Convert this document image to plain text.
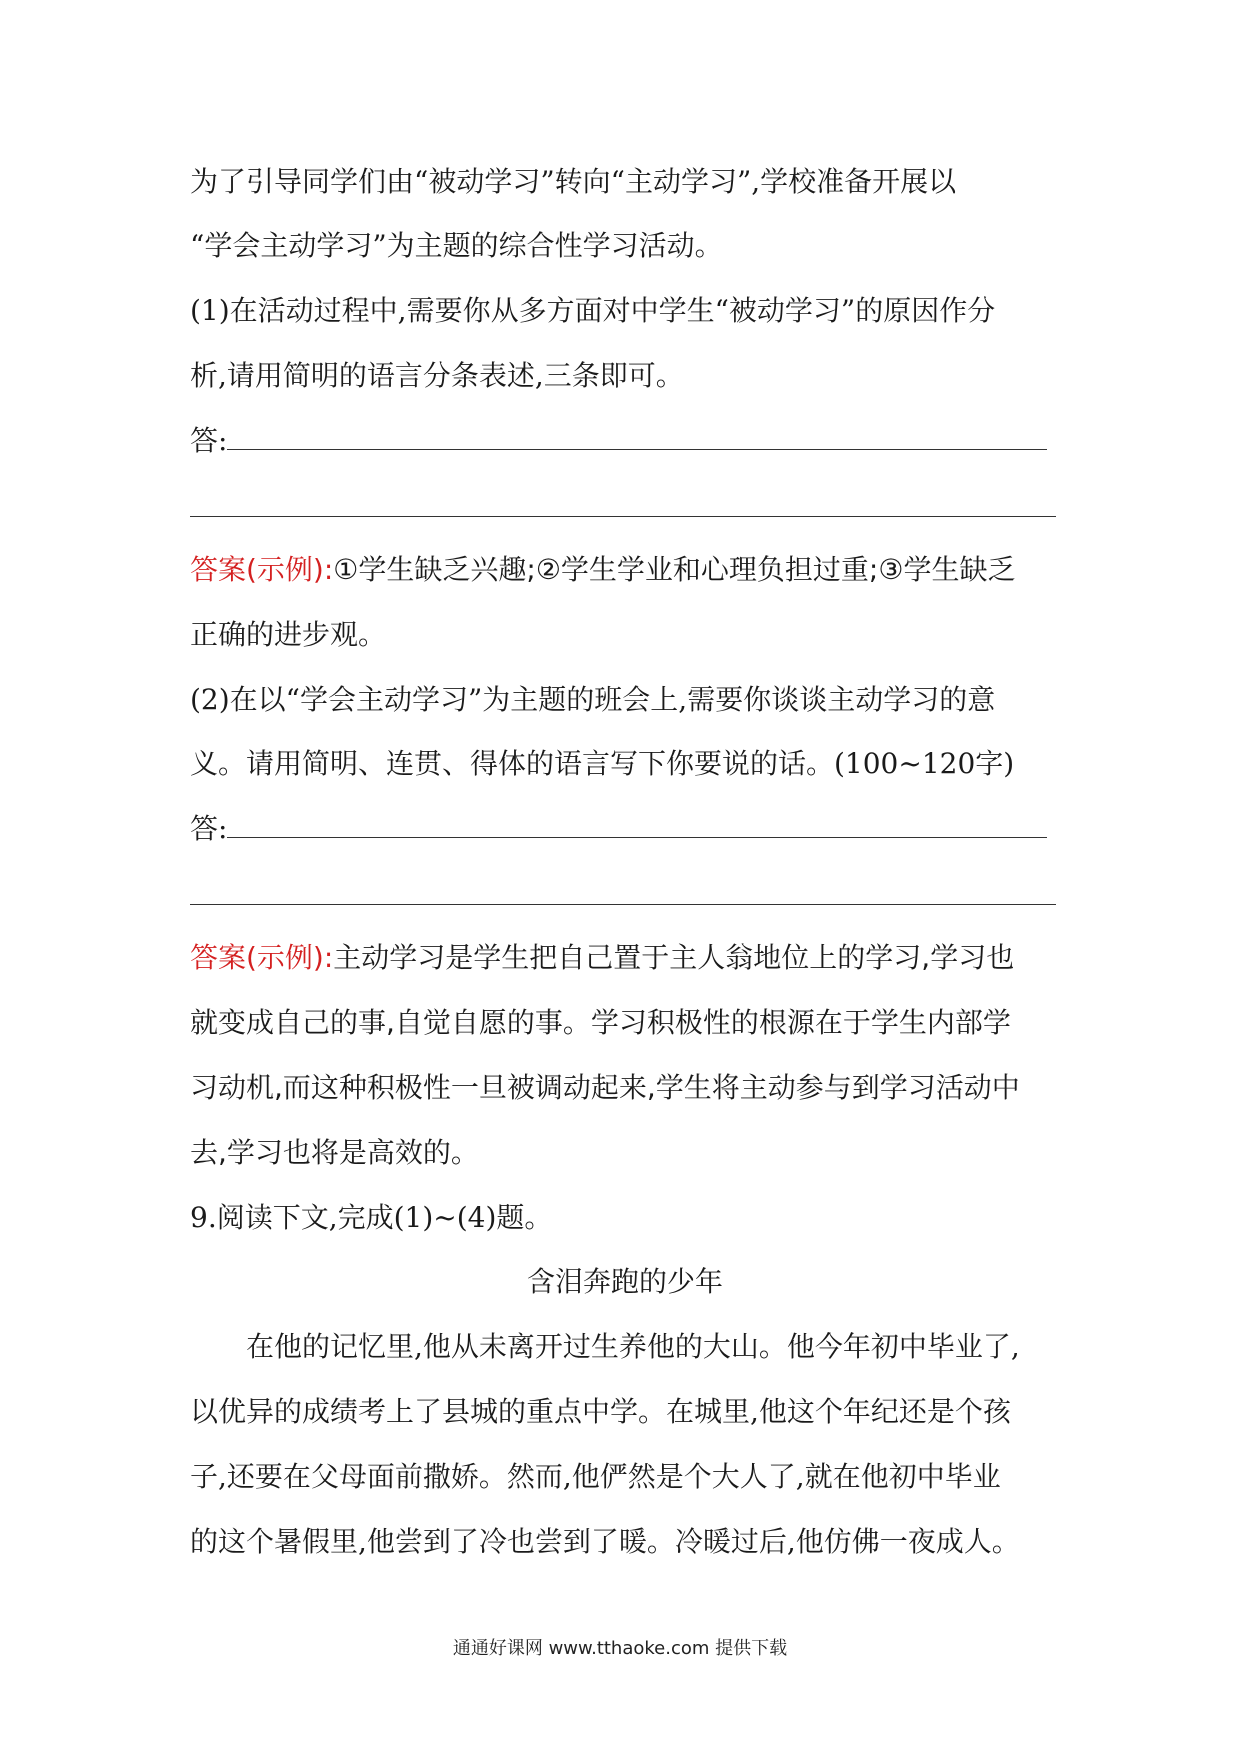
为了引导同学们由“被动学习”转向“主动学习”,学校准备开展以
“学会主动学习”为主题的综合性学习活动。
(1)在活动过程中,需要你从多方面对中学生“被动学习”的原因作分
析,请用简明的语言分条表述,三条即可。
答:
答案(示例):①学生缺乏兴趣;②学生学业和心理负担过重;③学生缺乏
正确的进步观。
(2)在以“学会主动学习”为主题的班会上,需要你谈谈主动学习的意
义。请用简明、连贯、得体的语言写下你要说的话。(100~120字)
答:
答案(示例):主动学习是学生把自己置于主人翁地位上的学习,学习也
就变成自己的事,自觉自愿的事。学习积极性的根源在于学生内部学
习动机,而这种积极性一旦被调动起来,学生将主动参与到学习活动中
去,学习也将是高效的。
9.阅读下文,完成(1)~(4)题。
含泪奔跑的少年
在他的记忆里,他从未离开过生养他的大山。他今年初中毕业了,
以优异的成绩考上了县城的重点中学。在城里,他这个年纪还是个孩
子,还要在父母面前撒娇。然而,他俨然是个大人了,就在他初中毕业
的这个暑假里,他尝到了冷也尝到了暖。冷暖过后,他仿佛一夜成人。
通通好课网 www.tthaoke.com 提供下载
